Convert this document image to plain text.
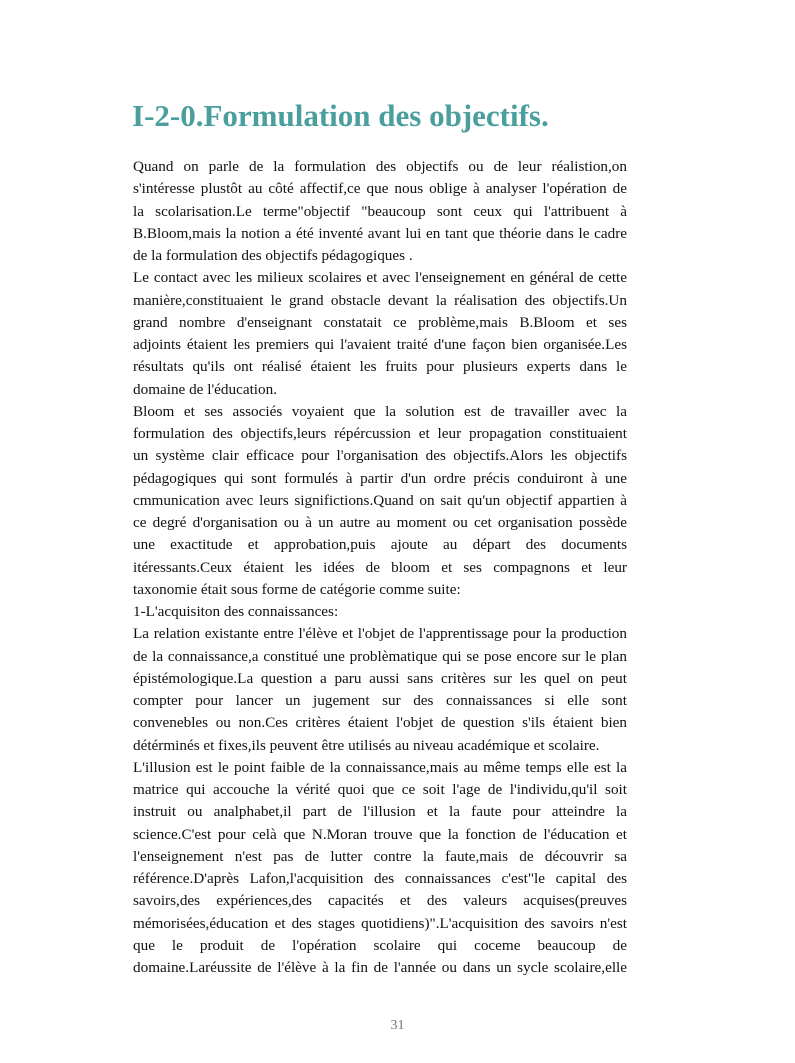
I-2-0.Formulation des objectifs.
Quand on parle de la formulation des objectifs ou de leur réalistion,on
s'intéresse plustôt au côté affectif,ce que nous oblige à analyser l'opération de
la scolarisation.Le terme"objectif "beaucoup sont ceux qui l'attribuent à
B.Bloom,mais la notion a été inventé avant lui en tant que théorie dans le cadre
de la formulation des objectifs pédagogiques .
Le contact avec les milieux scolaires et avec l'enseignement en général de cette
manière,constituaient le grand obstacle devant la réalisation des objectifs.Un
grand nombre d'enseignant constatait ce problème,mais B.Bloom et ses
adjoints étaient les premiers qui l'avaient traité d'une façon bien organisée.Les
résultats qu'ils ont réalisé étaient les fruits pour plusieurs experts dans le
domaine de l'éducation.
Bloom et ses associés voyaient que la solution est de travailler avec la
formulation des objectifs,leurs répércussion et leur propagation constituaient
un système clair efficace pour l'organisation des objectifs.Alors les objectifs
pédagogiques qui sont formulés à partir d'un ordre précis conduiront à une
cmmunication avec leurs significtions.Quand on sait qu'un objectif appartien à
ce degré d'organisation ou à un autre au moment ou cet organisation possède
une exactitude et approbation,puis ajoute au départ des documents
itéressants.Ceux étaient les idées de bloom et ses compagnons et leur
taxonomie était sous forme de catégorie comme suite:
1-L'acquisiton des connaissances:
La relation existante entre l'élève et l'objet de l'apprentissage pour la production
de la connaissance,a constitué une problèmatique qui se pose encore sur le plan
épistémologique.La question a paru aussi sans critères sur les quel on peut
compter pour lancer un jugement sur des connaissances si elle sont
convenebles ou non.Ces critères étaient l'objet de question s'ils étaient bien
détérminés et fixes,ils peuvent être utilisés au niveau académique et scolaire.
L'illusion est le point faible de la connaissance,mais au même temps elle est la
matrice qui accouche la vérité quoi que ce soit l'age de l'individu,qu'il soit
instruit ou analphabet,il part de l'illusion et la faute pour atteindre la
science.C'est pour celà que N.Moran trouve que la fonction de l'éducation et
l'enseignement n'est pas de lutter contre la faute,mais de découvrir sa
référence.D'après Lafon,l'acquisition des connaissances c'est"le capital des
savoirs,des expériences,des capacités et des valeurs acquises(preuves
mémorisées,éducation et des stages quotidiens)".L'acquisition des savoirs n'est
que le produit de l'opération scolaire qui coceme beaucoup de
domaine.Laréussite de l'élève à la fin de l'année ou dans un sycle scolaire,elle
31
